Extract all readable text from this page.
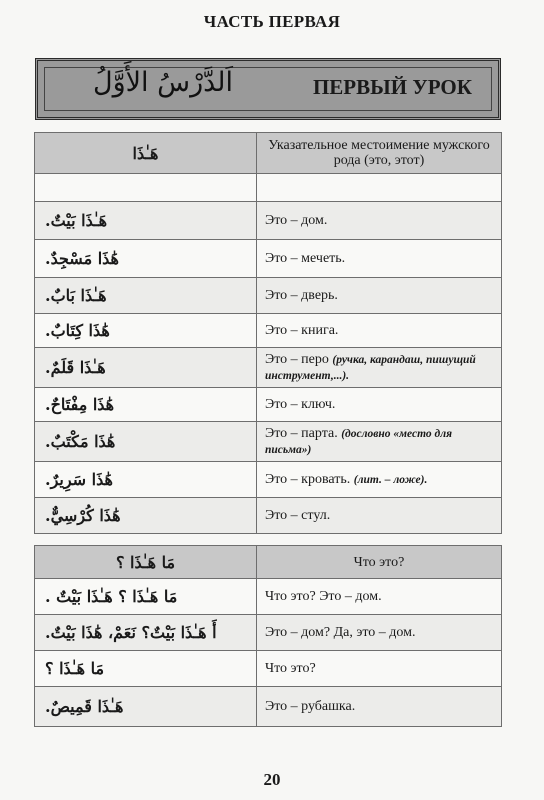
ЧАСТЬ ПЕРВАЯ
اَلدَّرْسُ الأَوَّلُ	ПЕРВЫЙ УРОК
هَـٰذَا	Указательное местоимение мужского рода (это, этот)
هَـٰذَا بَيْتٌ.	Это – дом.
هَٰذَا مَسْجِدٌ.	Это – мечеть.
هَـٰذَا بَابٌ.	Это – дверь.
هَٰذَا كِتَابٌ.	Это – книга.
هَـٰذَا قَلَمٌ.	Это – перо (ручка, карандаш, пишущий инструмент,...).
هَٰذَا مِفْتَاحٌ.	Это – ключ.
هَٰذَا مَكْتَبٌ.	Это – парта. (дословно «место для письма»)
هَٰذَا سَرِيرٌ.	Это – кровать. (лит. – ложе).
هَٰذَا كُرْسِيٌّ.	Это – стул.
مَا هَـٰذَا ؟	Что это?
مَا هَـٰذَا ؟ هَـٰذَا بَيْتٌ .	Что это? Это – дом.
أَ هَـٰذَا بَيْتٌ؟ نَعَمْ، هَٰذَا بَيْتٌ.	Это – дом? Да, это – дом.
مَا هَـٰذَا ؟	Что это?
هَـٰذَا قَمِيصٌ.	Это – рубашка.
20
